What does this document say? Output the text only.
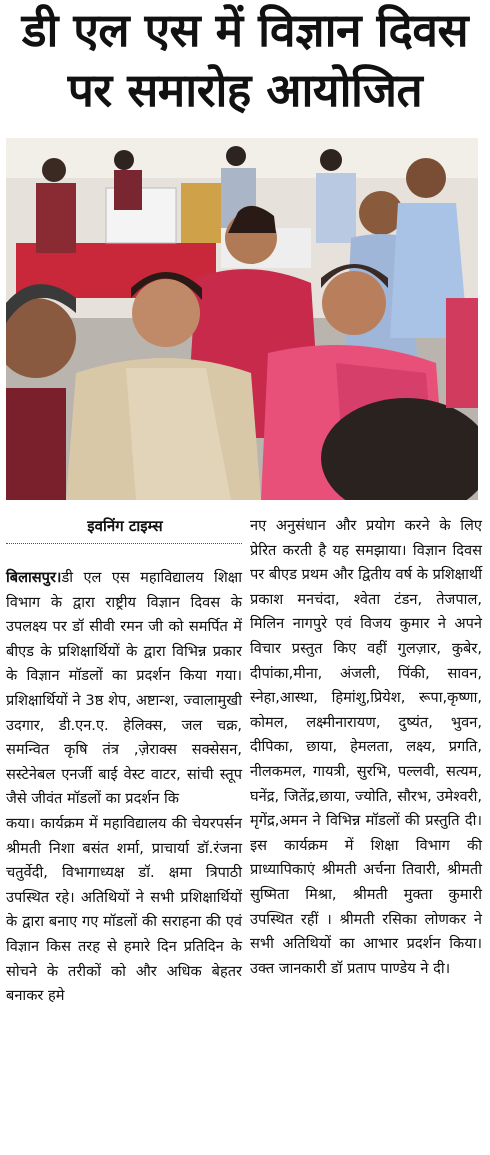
डी एल एस में विज्ञान दिवस
पर समारोह आयोजित
इवनिंग टाइम्स

बिलासपुर।डी एल एस महाविद्यालय शिक्षा विभाग के द्वारा राष्ट्रीय विज्ञान दिवस के उपलक्ष्य पर डॉ सीवी रमन जी को समर्पित में बीएड के प्रशिक्षार्थियों के द्वारा विभिन्न प्रकार के विज्ञान मॉडलों का प्रदर्शन किया गया। प्रशिक्षार्थियों ने 3ष्ठ शेप, अष्टान्श, ज्वालामुखी उदगार, डी.एन.ए. हेलिक्स, जल चक्र, समन्वित कृषि तंत्र ,ज़ेराक्स सक्सेसन, सस्टेनेबल एनर्जी बाई वेस्ट वाटर, सांची स्तूप जैसे जीवंत मॉडलों का प्रदर्शन कि

कया। कार्यक्रम में महाविद्यालय की चेयरपर्सन श्रीमती निशा बसंत शर्मा, प्राचार्या डॉ.रंजना चतुर्वेदी, विभागाध्यक्ष डॉ. क्षमा त्रिपाठी उपस्थित रहे। अतिथियों ने सभी प्रशिक्षार्थियों के द्वारा बनाए गए मॉडलों की सराहना की एवं विज्ञान किस तरह से हमारे दिन प्रतिदिन के सोचने के तरीकों को और अधिक बेहतर बनाकर हमे

नए अनुसंधान और प्रयोग करने के लिए प्रेरित करती है यह समझाया। विज्ञान दिवस पर बीएड प्रथम और द्वितीय वर्ष के प्रशिक्षार्थी प्रकाश मनचंदा, श्वेता टंडन, तेजपाल, मिलिन नागपुरे एवं विजय कुमार ने अपने विचार प्रस्तुत किए वहीं गुलज़ार, कुबेर, दीपांका,मीना, अंजली, पिंकी, सावन, स्नेहा,आस्था, हिमांशु,प्रियेश, रूपा,कृष्णा, कोमल, लक्ष्मीनारायण, दुष्यंत, भुवन, दीपिका, छाया, हेमलता, लक्ष्य, प्रगति, नीलकमल, गायत्री, सुरभि, पल्लवी, सत्यम, घनेंद्र, जितेंद्र,छाया, ज्योति, सौरभ, उमेश्वरी, मृगेंद्र,अमन ने विभिन्न मॉडलों की प्रस्तुति दी। इस कार्यक्रम में शिक्षा विभाग की प्राध्यापिकाएं श्रीमती अर्चना तिवारी, श्रीमती सुष्मिता मिश्रा, श्रीमती मुक्ता कुमारी उपस्थित रहीं । श्रीमती रसिका लोणकर ने सभी अतिथियों का आभार प्रदर्शन किया। उक्त जानकारी डॉ प्रताप पाण्डेय ने दी।
